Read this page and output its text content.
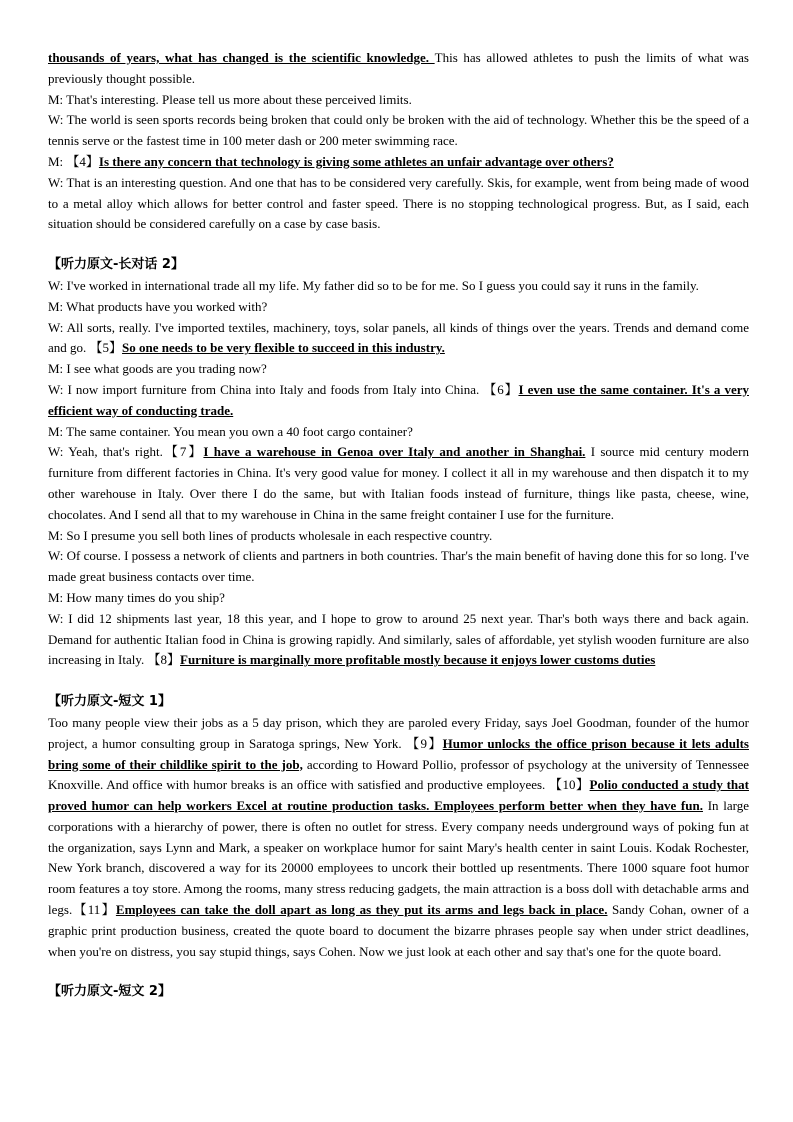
thousands of years, what has changed is the scientific knowledge. This has allowed athletes to push the limits of what was previously thought possible.

M: That's interesting. Please tell us more about these perceived limits.

W: The world is seen sports records being broken that could only be broken with the aid of technology. Whether this be the speed of a tennis serve or the fastest time in 100 meter dash or 200 meter swimming race.

M: 【4】Is there any concern that technology is giving some athletes an unfair advantage over others?

W: That is an interesting question. And one that has to be considered very carefully. Skis, for example, went from being made of wood to a metal alloy which allows for better control and faster speed. There is no stopping technological progress. But, as I said, each situation should be considered carefully on a case by case basis.

【听力原文-长对话 2】

W: I've worked in international trade all my life. My father did so to be for me. So I guess you could say it runs in the family.

M: What products have you worked with?

W: All sorts, really. I've imported textiles, machinery, toys, solar panels, all kinds of things over the years. Trends and demand come and go. 【5】So one needs to be very flexible to succeed in this industry.

M: I see what goods are you trading now?

W: I now import furniture from China into Italy and foods from Italy into China. 【6】I even use the same container. It's a very efficient way of conducting trade.

M: The same container. You mean you own a 40 foot cargo container?

W: Yeah, that's right.【7】I have a warehouse in Genoa over Italy and another in Shanghai. I source mid century modern furniture from different factories in China. It's very good value for money. I collect it all in my warehouse and then dispatch it to my other warehouse in Italy. Over there I do the same, but with Italian foods instead of furniture, things like pasta, cheese, wine, chocolates. And I send all that to my warehouse in China in the same freight container I use for the furniture.

M: So I presume you sell both lines of products wholesale in each respective country.

W: Of course. I possess a network of clients and partners in both countries. Thar's the main benefit of having done this for so long. I've made great business contacts over time.

M: How many times do you ship?

W: I did 12 shipments last year, 18 this year, and I hope to grow to around 25 next year. Thar's both ways there and back again. Demand for authentic Italian food in China is growing rapidly. And similarly, sales of affordable, yet stylish wooden furniture are also increasing in Italy. 【8】Furniture is marginally more profitable mostly because it enjoys lower customs duties

【听力原文-短文 1】

Too many people view their jobs as a 5 day prison, which they are paroled every Friday, says Joel Goodman, founder of the humor project, a humor consulting group in Saratoga springs, New York. 【9】Humor unlocks the office prison because it lets adults bring some of their childlike spirit to the job, according to Howard Pollio, professor of psychology at the university of Tennessee Knoxville. And office with humor breaks is an office with satisfied and productive employees. 【10】Polio conducted a study that proved humor can help workers Excel at routine production tasks. Employees perform better when they have fun. In large corporations with a hierarchy of power, there is often no outlet for stress. Every company needs underground ways of poking fun at the organization, says Lynn and Mark, a speaker on workplace humor for saint Mary's health center in saint Louis. Kodak Rochester, New York branch, discovered a way for its 20000 employees to uncork their bottled up resentments. There 1000 square foot humor room features a toy store. Among the rooms, many stress reducing gadgets, the main attraction is a boss doll with detachable arms and legs.【11】Employees can take the doll apart as long as they put its arms and legs back in place. Sandy Cohan, owner of a graphic print production business, created the quote board to document the bizarre phrases people say when under strict deadlines, when you're on distress, you say stupid things, says Cohen. Now we just look at each other and say that's one for the quote board.

【听力原文-短文 2】
